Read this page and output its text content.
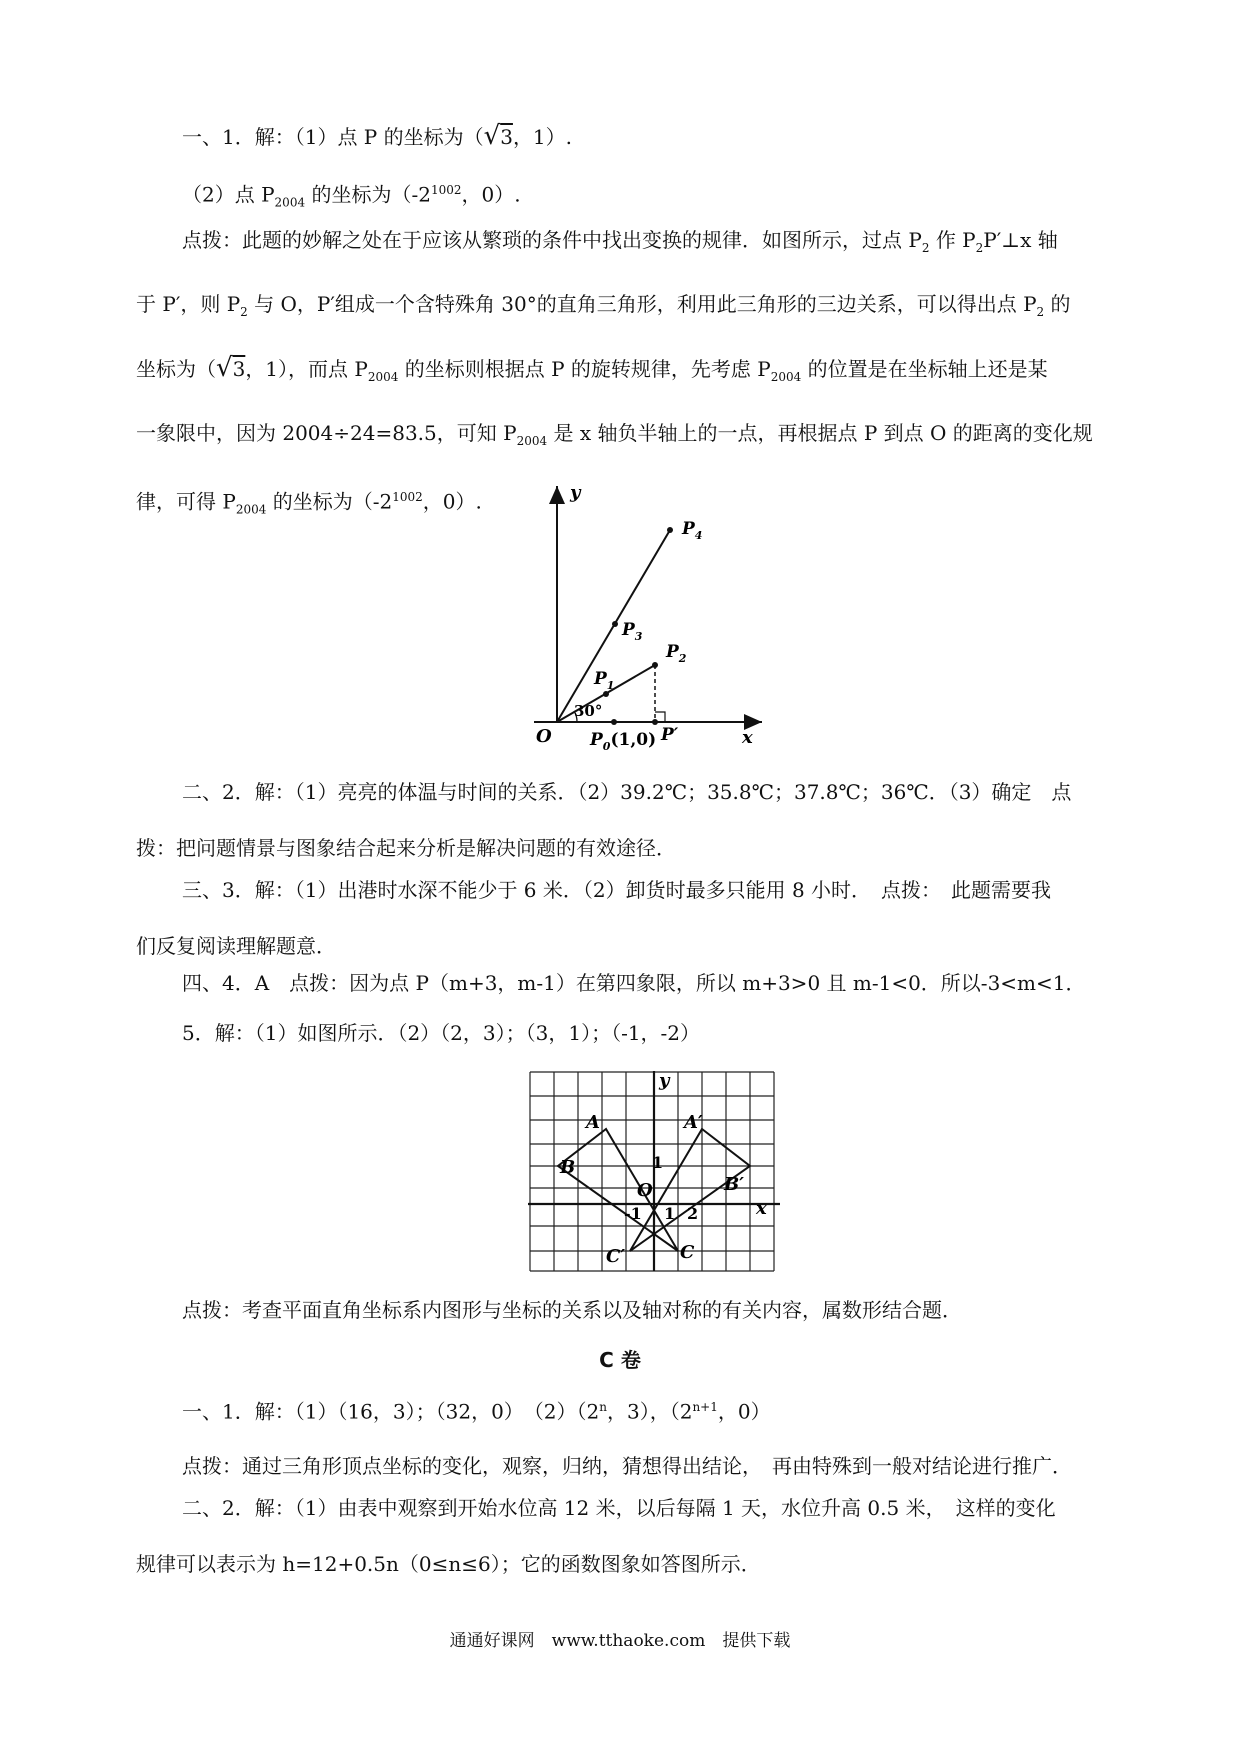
一、1．解：（1）点 P 的坐标为（√3，1）.
（2）点 $P_{2004}$ 的坐标为（$-2^{1002}$，0）.
点拨：此题的妙解之处在于应该从繁琐的条件中找出变换的规律．如图所示，过点 $P_2$ 作 $P_2P'\perp x$ 轴
于 P′，则 $P_2$ 与 O，P′组成一个含特殊角 30°的直角三角形，利用此三角形的三边关系，可以得出点 $P_2$ 的
坐标为（√3，1），而点 $P_{2004}$ 的坐标则根据点 P 的旋转规律，先考虑 $P_{2004}$ 的位置是在坐标轴上还是某
一象限中，因为 2004÷24=83.5，可知 $P_{2004}$ 是 x 轴负半轴上的一点，再根据点 P 到点 O 的距离的变化规
律，可得 $P_{2004}$ 的坐标为（$-2^{1002}$，0）.	y
x
O
$P_4$
$P_3$
$P_2$
$P_1$
30°
$P_0(1,0)$ P′
二、2．解：（1）亮亮的体温与时间的关系．（2）39.2℃；35.8℃；37.8℃；36℃．（3）确定　点
拨：把问题情景与图象结合起来分析是解决问题的有效途径．
三、3．解：（1）出港时水深不能少于 6 米．（2）卸货时最多只能用 8 小时．　点拨：　此题需要我
们反复阅读理解题意．
四、4．A　点拨：因为点 P（m+3，m-1）在第四象限，所以 m+3>0 且 m-1<0．所以-3<m<1．
5．解：（1）如图所示．（2）（2，3）；（3，1）；（-1，-2）
A	A′
B
B′
C
C′
O
y
x
1
-1 1 2
点拨：考查平面直角坐标系内图形与坐标的关系以及轴对称的有关内容，属数形结合题．
C 卷
一、1．解：（1）（16，3）；（32，0）　（2）（2$^n$，3），（$2^{n+1}$，0）
点拨：通过三角形顶点坐标的变化，观察，归纳，猜想得出结论，　再由特殊到一般对结论进行推广．
二、2．解：（1）由表中观察到开始水位高 12 米，以后每隔 1 天，水位升高 0.5 米，　这样的变化
规律可以表示为 h=12+0.5n（0≤n≤6）；它的函数图象如答图所示．
通通好课网　www.tthaoke.com　提供下载
